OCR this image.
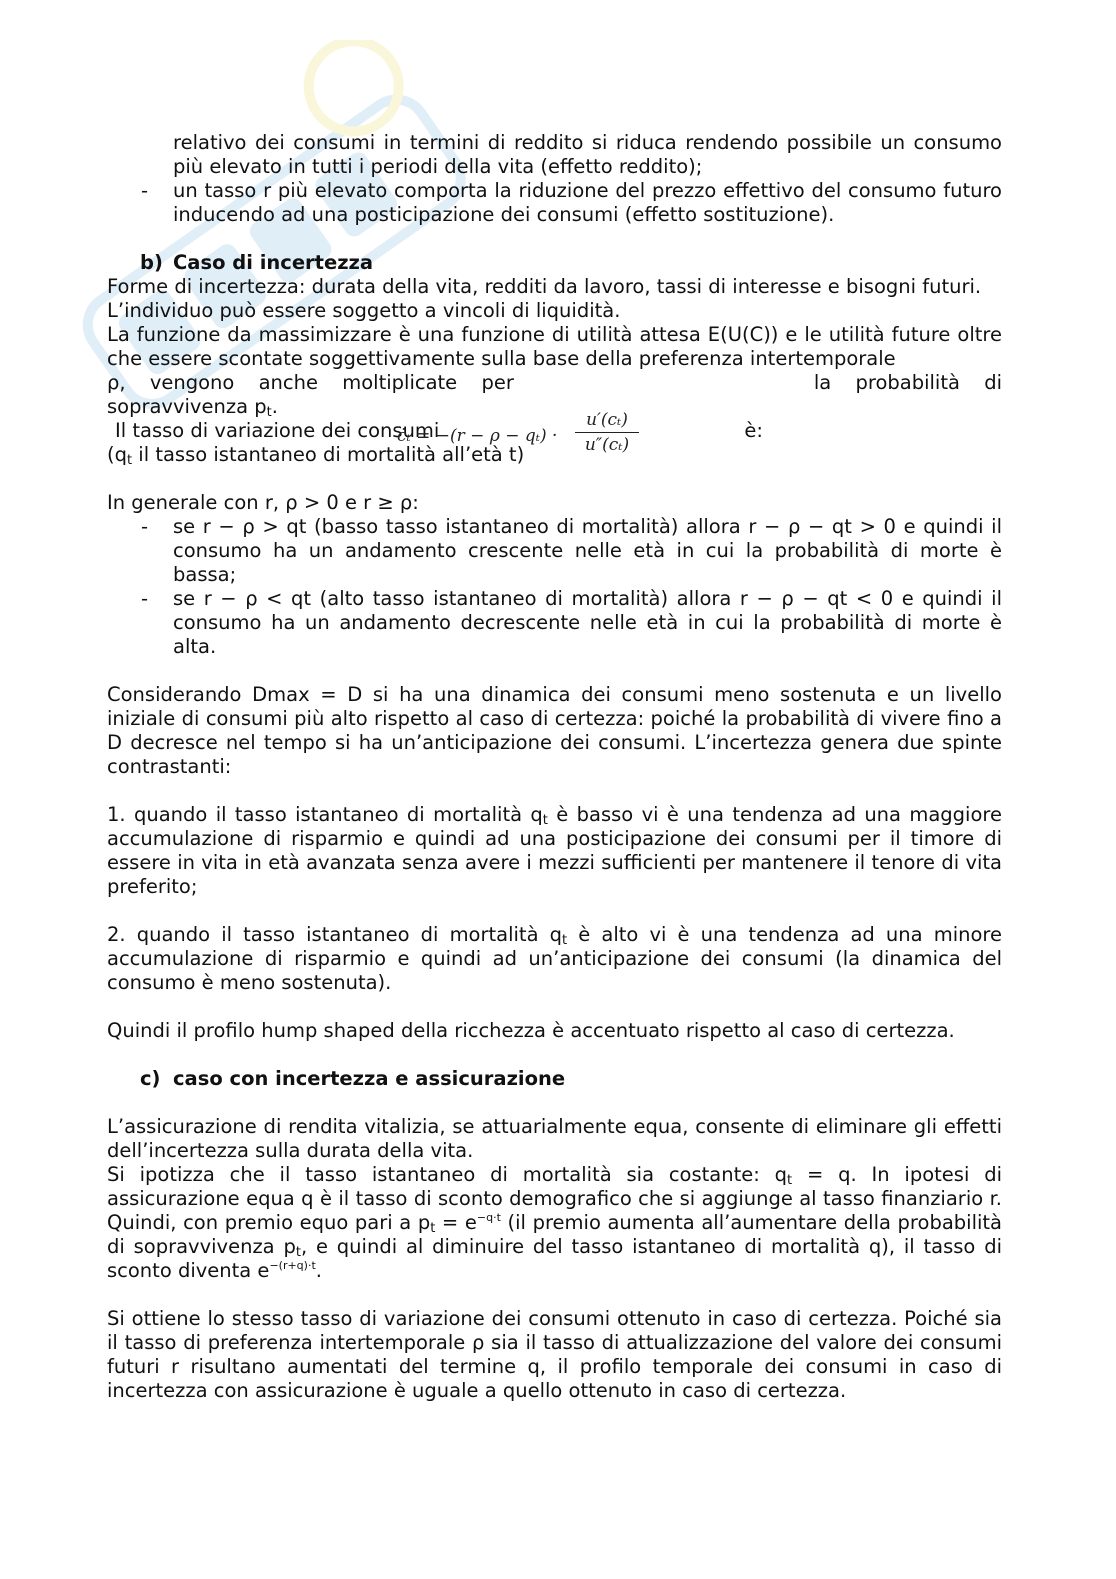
relativo dei consumi in termini di reddito si riduca rendendo possibile un consumo più elevato in tutti i periodi della vita (effetto reddito);

- un tasso r più elevato comporta la riduzione del prezzo effettivo del consumo futuro inducendo ad una posticipazione dei consumi (effetto sostituzione).
b) Caso di incertezza

Forme di incertezza: durata della vita, redditi da lavoro, tassi di interesse e bisogni futuri.

L’individuo può essere soggetto a vincoli di liquidità.

La funzione da massimizzare è una funzione di utilità attesa E(U(C)) e le utilità future oltre che essere scontate soggettivamente sulla base della preferenza intertemporale

ρ, vengono anche moltiplicate per	la probabilità di

sopravvivenza $p_t$.

Il tasso di variazione dei consumi	è:

($q_t$ il tasso istantaneo di mortalità all’età t)

In generale con r, ρ > 0 e r ≥ ρ:

- se r − ρ > qt (basso tasso istantaneo di mortalità) allora r − ρ − qt > 0 e quindi il consumo ha un andamento crescente nelle età in cui la probabilità di morte è bassa;
- se r − ρ < qt (alto tasso istantaneo di mortalità) allora r − ρ − qt < 0 e quindi il consumo ha un andamento decrescente nelle età in cui la probabilità di morte è alta.

Considerando Dmax = D si ha una dinamica dei consumi meno sostenuta e un livello iniziale di consumi più alto rispetto al caso di certezza: poiché la probabilità di vivere fino a D decresce nel tempo si ha un’anticipazione dei consumi. L’incertezza genera due spinte contrastanti:

1. quando il tasso istantaneo di mortalità $q_t$ è basso vi è una tendenza ad una maggiore accumulazione di risparmio e quindi ad una posticipazione dei consumi per il timore di essere in vita in età avanzata senza avere i mezzi sufficienti per mantenere il tenore di vita preferito;

2. quando il tasso istantaneo di mortalità $q_t$ è alto vi è una tendenza ad una minore accumulazione di risparmio e quindi ad un’anticipazione dei consumi (la dinamica del consumo è meno sostenuta).

Quindi il profilo hump shaped della ricchezza è accentuato rispetto al caso di certezza.

c) caso con incertezza e assicurazione

L’assicurazione di rendita vitalizia, se attuarialmente equa, consente di eliminare gli effetti dell’incertezza sulla durata della vita.

Si ipotizza che il tasso istantaneo di mortalità sia costante: $q_t = q$. In ipotesi di assicurazione equa q è il tasso di sconto demografico che si aggiunge al tasso finanziario r. Quindi, con premio equo pari a $p_t = e^{-q\cdot t}$ (il premio aumenta all’aumentare della probabilità di sopravvivenza $p_t$, e quindi al diminuire del tasso istantaneo di mortalità q), il tasso di sconto diventa $e^{-(r+q)\cdot t}$.

Si ottiene lo stesso tasso di variazione dei consumi ottenuto in caso di certezza. Poiché sia il tasso di preferenza intertemporale ρ sia il tasso di attualizzazione del valore dei consumi futuri r risultano aumentati del termine q, il profilo temporale dei consumi in caso di incertezza con assicurazione è uguale a quello ottenuto in caso di certezza.

ċₜ = −(r − ρ − qₜ) ·
u′(cₜ)
u″(cₜ)
